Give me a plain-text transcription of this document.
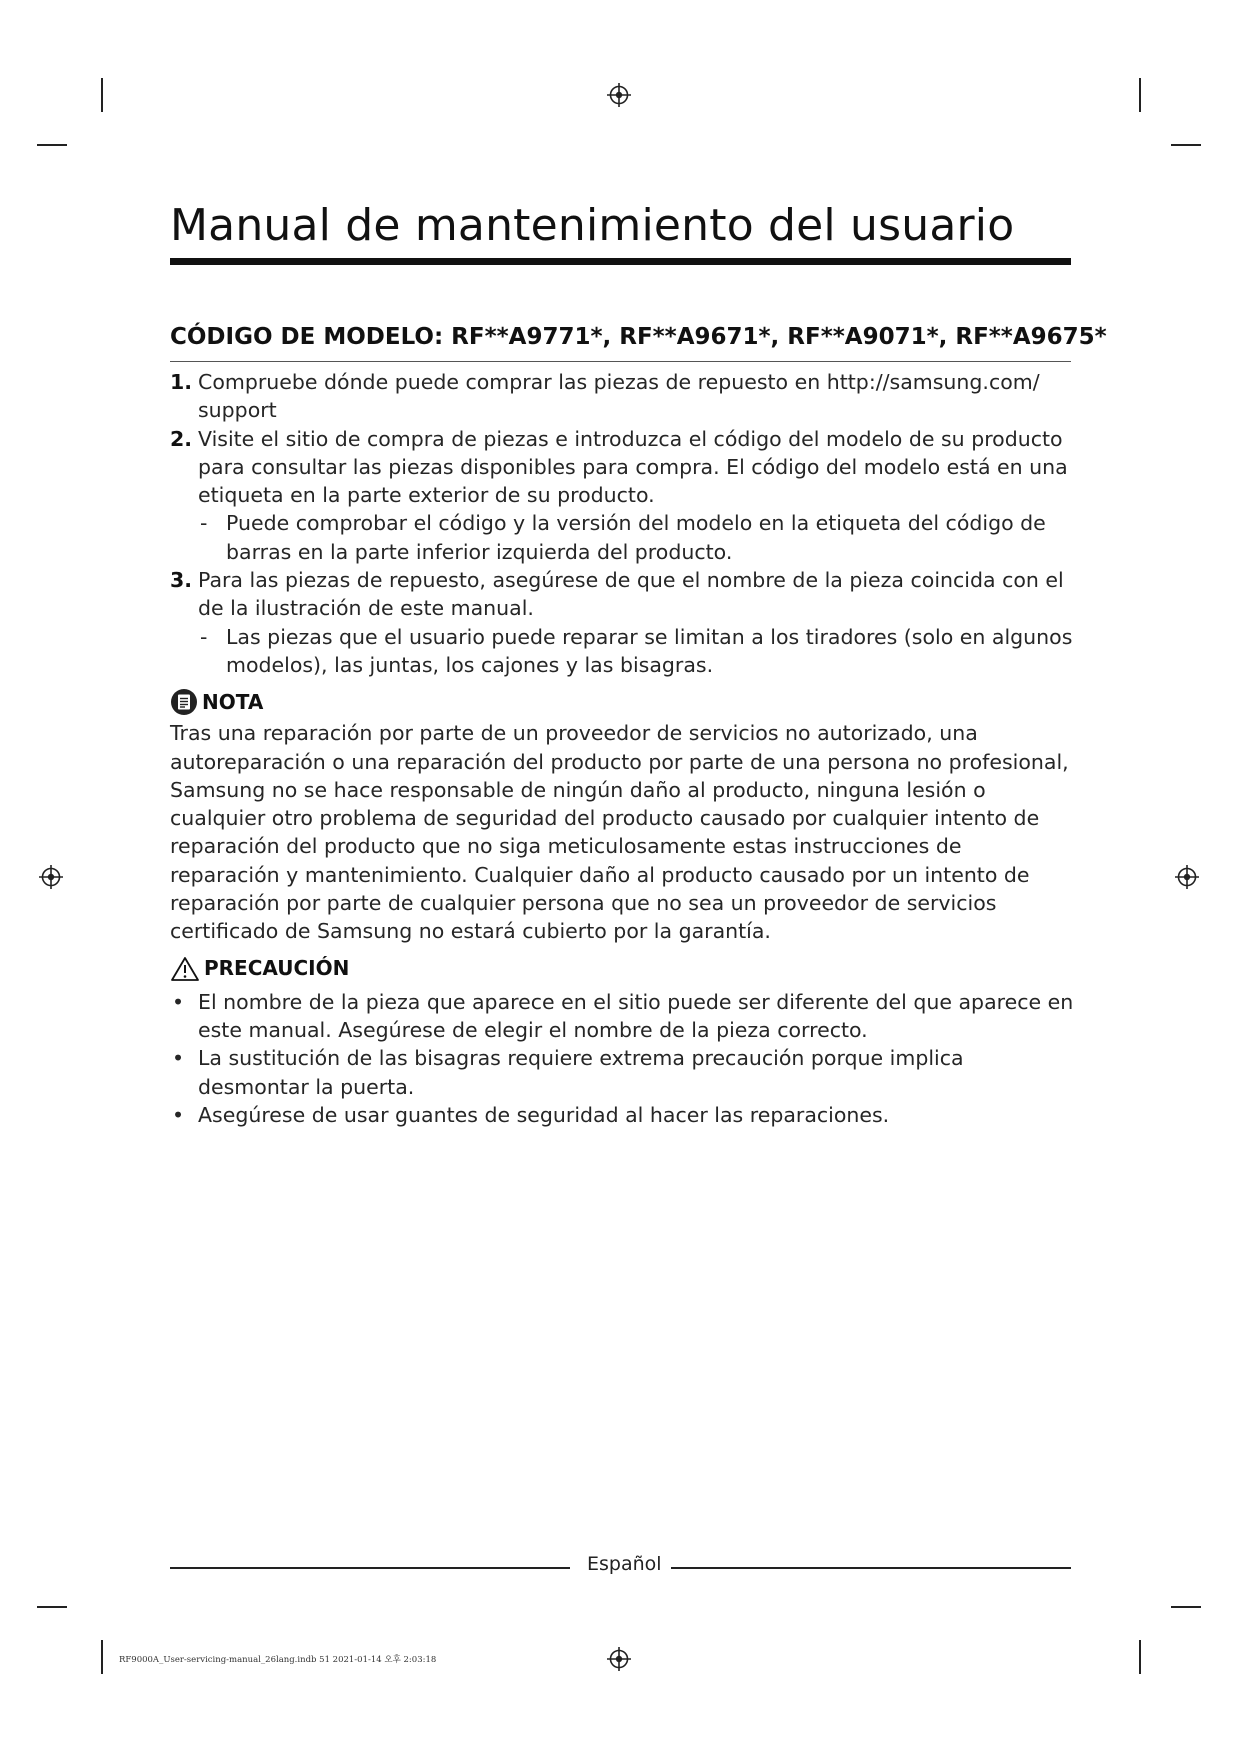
Manual de mantenimiento del usuario
CÓDIGO DE MODELO: RF**A9771*, RF**A9671*, RF**A9071*, RF**A9675*
1. Compruebe dónde puede comprar las piezas de repuesto en http://samsung.com/ support
2. Visite el sitio de compra de piezas e introduzca el código del modelo de su producto para consultar las piezas disponibles para compra. El código del modelo está en una etiqueta en la parte exterior de su producto.
- Puede comprobar el código y la versión del modelo en la etiqueta del código de barras en la parte inferior izquierda del producto.
3. Para las piezas de repuesto, asegúrese de que el nombre de la pieza coincida con el de la ilustración de este manual.
- Las piezas que el usuario puede reparar se limitan a los tiradores (solo en algunos modelos), las juntas, los cajones y las bisagras.
NOTA

Tras una reparación por parte de un proveedor de servicios no autorizado, una autoreparación o una reparación del producto por parte de una persona no profesional, Samsung no se hace responsable de ningún daño al producto, ninguna lesión o cualquier otro problema de seguridad del producto causado por cualquier intento de reparación del producto que no siga meticulosamente estas instrucciones de reparación y mantenimiento. Cualquier daño al producto causado por un intento de reparación por parte de cualquier persona que no sea un proveedor de servicios certificado de Samsung no estará cubierto por la garantía.

PRECAUCIÓN
• El nombre de la pieza que aparece en el sitio puede ser diferente del que aparece en este manual. Asegúrese de elegir el nombre de la pieza correcto.
• La sustitución de las bisagras requiere extrema precaución porque implica desmontar la puerta.
• Asegúrese de usar guantes de seguridad al hacer las reparaciones.
Español
RF9000A_User-servicing-manual_26lang.indb 51 2021-01-14 오후 2:03:18
